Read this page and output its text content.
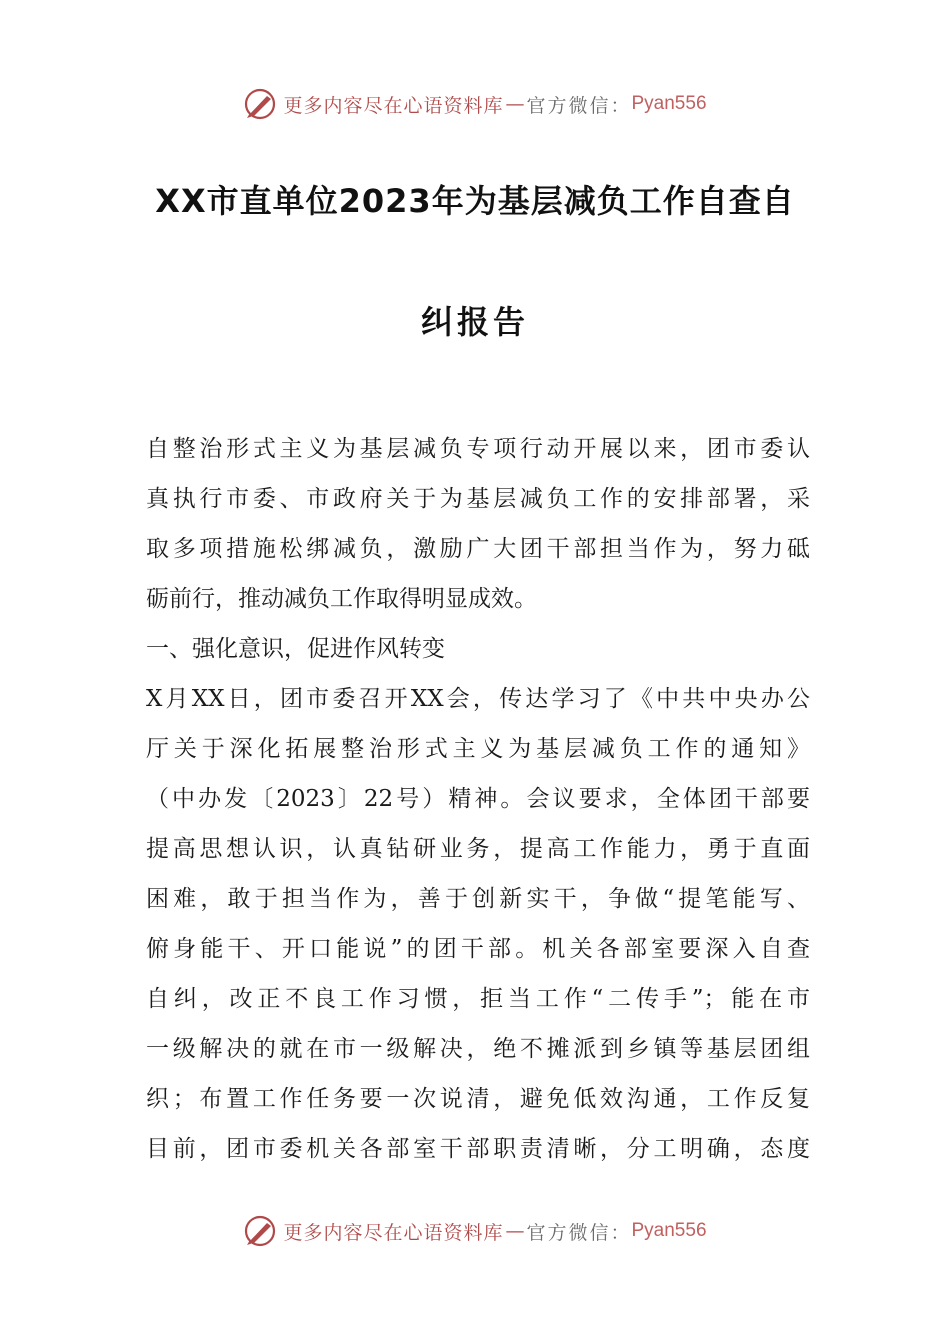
更多内容尽在心语资料库 — 官方微信： Pyan556
XX市直单位2023年为基层减负工作自查自
纠报告
自整治形式主义为基层减负专项行动开展以来，团市委认
真执行市委、市政府关于为基层减负工作的安排部署，采
取多项措施松绑减负，激励广大团干部担当作为，努力砥
砺前行，推动减负工作取得明显成效。
一、强化意识，促进作风转变
X月XX日，团市委召开XX会，传达学习了《中共中央办公
厅关于深化拓展整治形式主义为基层减负工作的通知》
（中办发〔2023〕22号）精神。会议要求，全体团干部要
提高思想认识，认真钻研业务，提高工作能力，勇于直面
困难，敢于担当作为，善于创新实干，争做“提笔能写、
俯身能干、开口能说”的团干部。机关各部室要深入自查
自纠，改正不良工作习惯，拒当工作“二传手”；能在市
一级解决的就在市一级解决，绝不摊派到乡镇等基层团组
织；布置工作任务要一次说清，避免低效沟通，工作反复
目前，团市委机关各部室干部职责清晰，分工明确，态度
更多内容尽在心语资料库 — 官方微信： Pyan556
